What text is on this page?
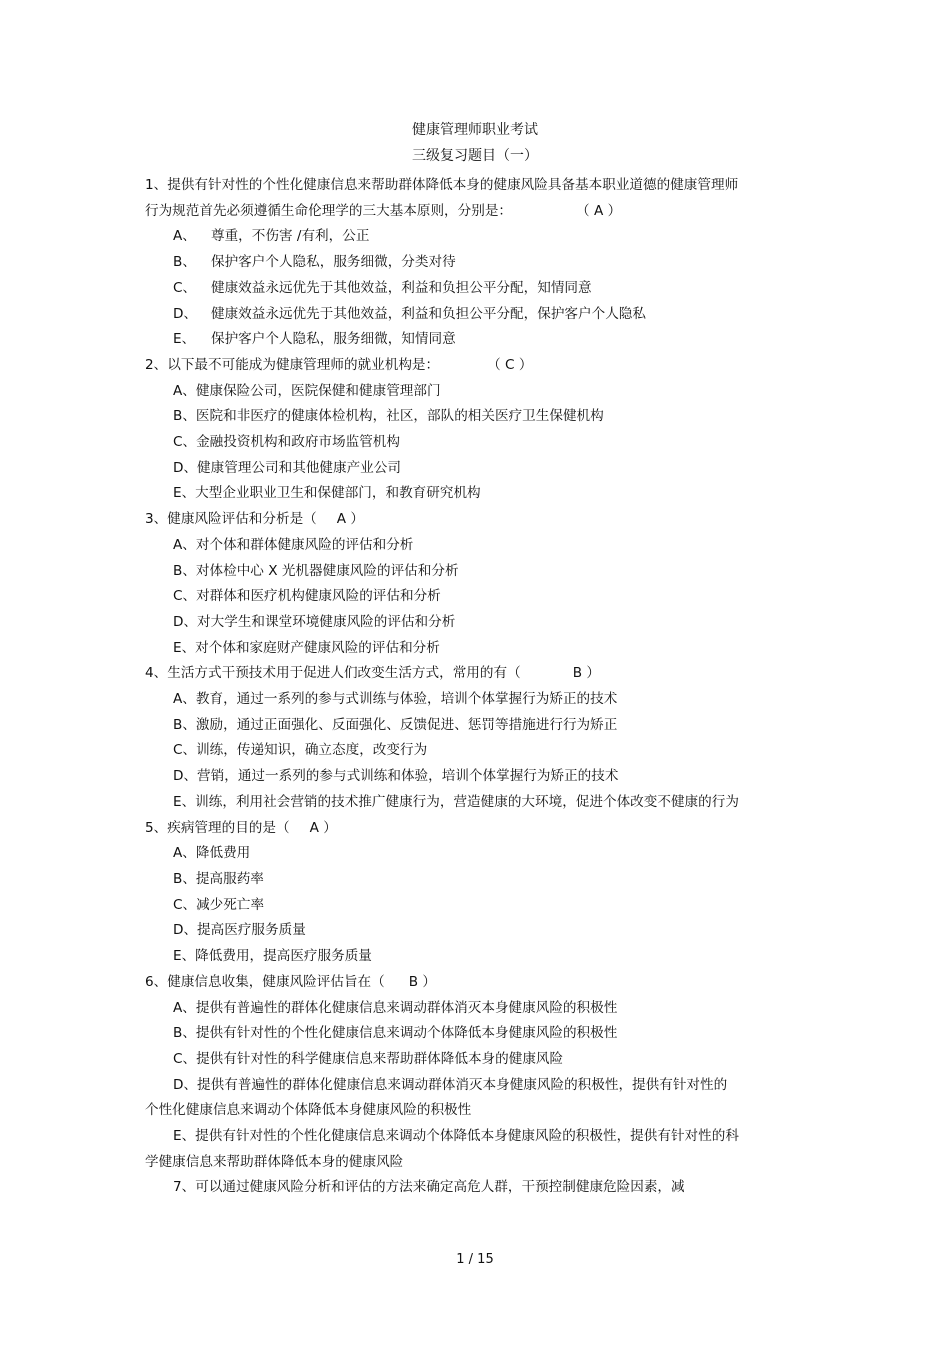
健康管理师职业考试
三级复习题目（一）

1、提供有针对性的个性化健康信息来帮助群体降低本身的健康风险具备基本职业道德的健康管理师行为规范首先必须遵循生命伦理学的三大基本原则，分别是：	（ A ）

A、 尊重，不伤害 /有利，公正

B、 保护客户个人隐私，服务细微，分类对待

C、 健康效益永远优先于其他效益，利益和负担公平分配，知情同意

D、 健康效益永远优先于其他效益，利益和负担公平分配，保护客户个人隐私

E、 保护客户个人隐私，服务细微，知情同意

2、以下最不可能成为健康管理师的就业机构是：	（ C ）

A、健康保险公司，医院保健和健康管理部门

B、医院和非医疗的健康体检机构，社区，部队的相关医疗卫生保健机构

C、金融投资机构和政府市场监管机构

D、健康管理公司和其他健康产业公司

E、大型企业职业卫生和保健部门，和教育研究机构

3、健康风险评估和分析是（ A ）

A、对个体和群体健康风险的评估和分析

B、对体检中心 X 光机器健康风险的评估和分析

C、对群体和医疗机构健康风险的评估和分析

D、对大学生和课堂环境健康风险的评估和分析

E、对个体和家庭财产健康风险的评估和分析

4、生活方式干预技术用于促进人们改变生活方式，常用的有（	B ）

A、教育，通过一系列的参与式训练与体验，培训个体掌握行为矫正的技术

B、激励，通过正面强化、反面强化、反馈促进、惩罚等措施进行行为矫正

C、训练，传递知识，确立态度，改变行为

D、营销，通过一系列的参与式训练和体验，培训个体掌握行为矫正的技术

E、训练，利用社会营销的技术推广健康行为，营造健康的大环境，促进个体改变不健康的行为

5、疾病管理的目的是（ A ）

A、降低费用

B、提高服药率

C、减少死亡率

D、提高医疗服务质量

E、降低费用，提高医疗服务质量

6、健康信息收集，健康风险评估旨在（ B ）

A、提供有普遍性的群体化健康信息来调动群体消灭本身健康风险的积极性

B、提供有针对性的个性化健康信息来调动个体降低本身健康风险的积极性

C、提供有针对性的科学健康信息来帮助群体降低本身的健康风险

D、提供有普遍性的群体化健康信息来调动群体消灭本身健康风险的积极性，提供有针对性的个性化健康信息来调动个体降低本身健康风险的积极性

E、提供有针对性的个性化健康信息来调动个体降低本身健康风险的积极性，提供有针对性的科学健康信息来帮助群体降低本身的健康风险

7、可以通过健康风险分析和评估的方法来确定高危人群，干预控制健康危险因素，减

1 / 15
